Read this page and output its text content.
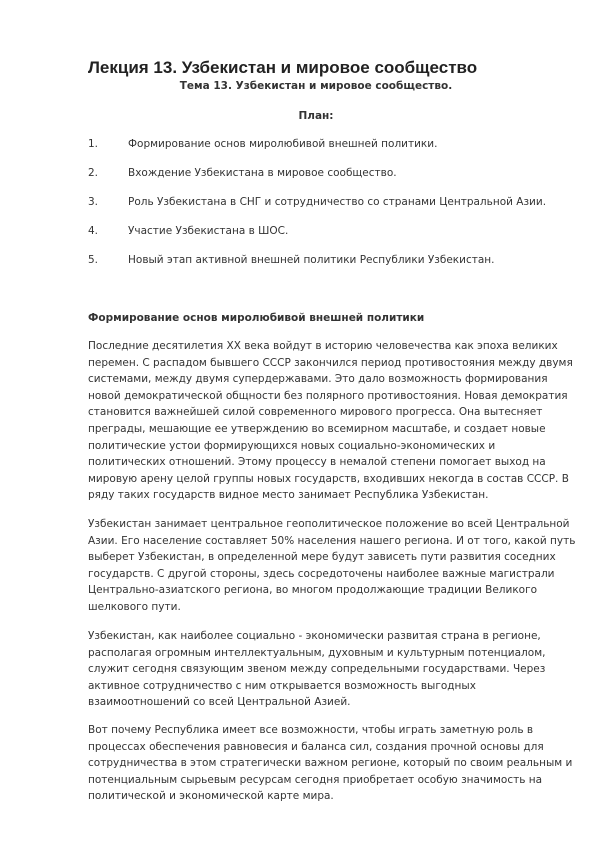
Лекция 13. Узбекистан и мировое сообщество
Тема 13. Узбекистан и мировое сообщество.
План:
1.	Формирование основ миролюбивой внешней политики.
2.	Вхождение Узбекистана в мировое сообщество.
3.	Роль Узбекистана в СНГ и сотрудничество со странами Центральной Азии.
4.	Участие Узбекистана в ШОС.
5.	Новый этап активной внешней политики Республики Узбекистан.
Формирование основ миролюбивой внешней политики
Последние десятилетия XX века войдут в историю человечества как эпоха великих
перемен. С распадом бывшего СССР закончился период противостояния между двумя
системами, между двумя супердержавами. Это дало возможность формирования
новой демократической общности без полярного противостояния. Новая демократия
становится важнейшей силой современного мирового прогресса. Она вытесняет
преграды, мешающие ее утверждению во всемирном масштабе, и создает новые
политические устои формирующихся новых социально-экономических и
политических отношений. Этому процессу в немалой степени помогает выход на
мировую арену целой группы новых государств, входивших некогда в состав СССР. В
ряду таких государств видное место занимает Республика Узбекистан.
Узбекистан занимает центральное геополитическое положение во всей Центральной
Азии. Его население составляет 50% населения нашего региона. И от того, какой путь
выберет Узбекистан, в определенной мере будут зависеть пути развития соседних
государств. С другой стороны, здесь сосредоточены наиболее важные магистрали
Центрально-азиатского региона, во многом продолжающие традиции Великого
шелкового пути.
Узбекистан, как наиболее социально - экономически развитая страна в регионе,
располагая огромным интеллектуальным, духовным и культурным потенциалом,
служит сегодня связующим звеном между сопредельными государствами. Через
активное сотрудничество с ним открывается возможность выгодных
взаимоотношений со всей Центральной Азией.
Вот почему Республика имеет все возможности, чтобы играть заметную роль в
процессах обеспечения равновесия и баланса сил, создания прочной основы для
сотрудничества в этом стратегически важном регионе, который по своим реальным и
потенциальным сырьевым ресурсам сегодня приобретает особую значимость на
политической и экономической карте мира.
